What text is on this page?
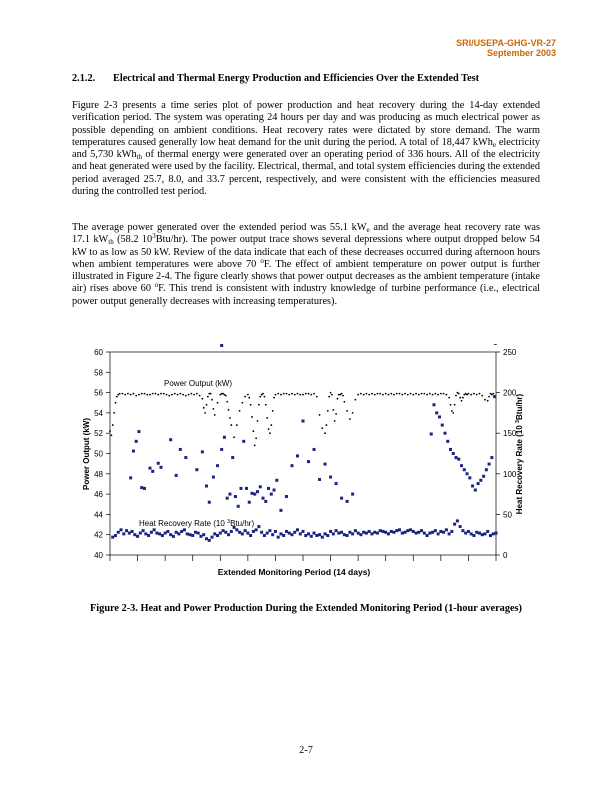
SRI/USEPA-GHG-VR-27
September 2003
2.1.2. Electrical and Thermal Energy Production and Efficiencies Over the Extended Test

Figure 2-3 presents a time series plot of power production and heat recovery during the 14-day extended verification period. The system was operating 24 hours per day and was producing as much electrical power as possible depending on ambient conditions. Heat recovery rates were dictated by store demand. The warm temperatures caused generally low heat demand for the unit during the period. A total of 18,447 kWh$_e$ electricity and 5,730 kWh$_{th}$ of thermal energy were generated over an operating period of 336 hours. All of the electricity and heat generated were used by the facility. Electrical, thermal, and total system efficiencies during the extended period averaged 25.7, 8.0, and 33.7 percent, respectively, and were consistent with the efficiencies measured during the controlled test period.

The average power generated over the extended period was 55.1 $kW_e$ and the average heat recovery rate was 17.1 $kW_{th}$ (58.2 $10^3Btu/hr$). The power output trace shows several depressions where output dropped below 54 kW to as low as 50 kW. Review of the data indicate that each of these decreases occurred during afternoon hours when ambient temperatures were above 70 $^o$F. The effect of ambient temperature on power output is further illustrated in Figure 2-4. The figure clearly shows that power output decreases as the ambient temperature (intake air) rises above 60 $^o$F. This trend is consistent with industry knowledge of turbine performance (i.e., electrical power output generally decreases with increasing temperatures).

40
42
44
46
48
50
52
54
56
58
60
0
50
100
150
200
250
Power Output (kW)
Heat Recovery Rate (10 $^3$Btu/hr)
Extended Monitoring Period (14 days)
Power Output (kW)	Heat Recovery Rate (10 $^3$Btu/hr)
Figure 2-3. Heat and Power Production During the Extended Monitoring Period (1-hour averages)
2-7
